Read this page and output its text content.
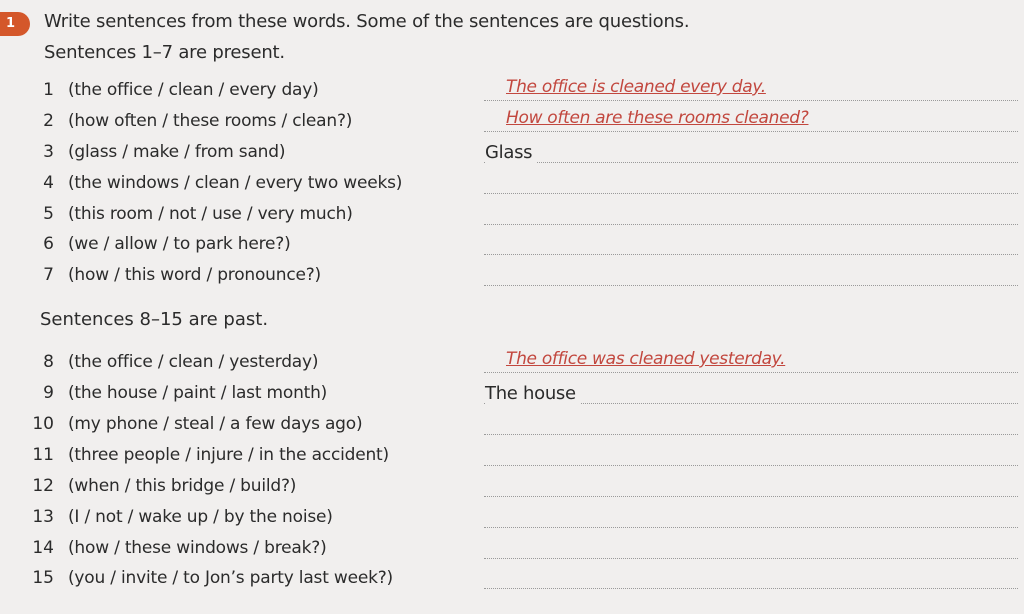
1	Write sentences from these words. Some of the sentences are questions.
Sentences 1–7 are present.
Sentences 8–15 are past.
1 (the office / clean / every day)	The office is cleaned every day.
2 (how often / these rooms / clean?)	How often are these rooms cleaned?
3 (glass / make / from sand)	Glass
4 (the windows / clean / every two weeks)
5 (this room / not / use / very much)
6 (we / allow / to park here?)
7 (how / this word / pronounce?)
8 (the office / clean / yesterday)	The office was cleaned yesterday.
9 (the house / paint / last month)	The house
10 (my phone / steal / a few days ago)
11 (three people / injure / in the accident)
12 (when / this bridge / build?)
13 (I / not / wake up / by the noise)
14 (how / these windows / break?)
15 (you / invite / to Jon’s party last week?)
